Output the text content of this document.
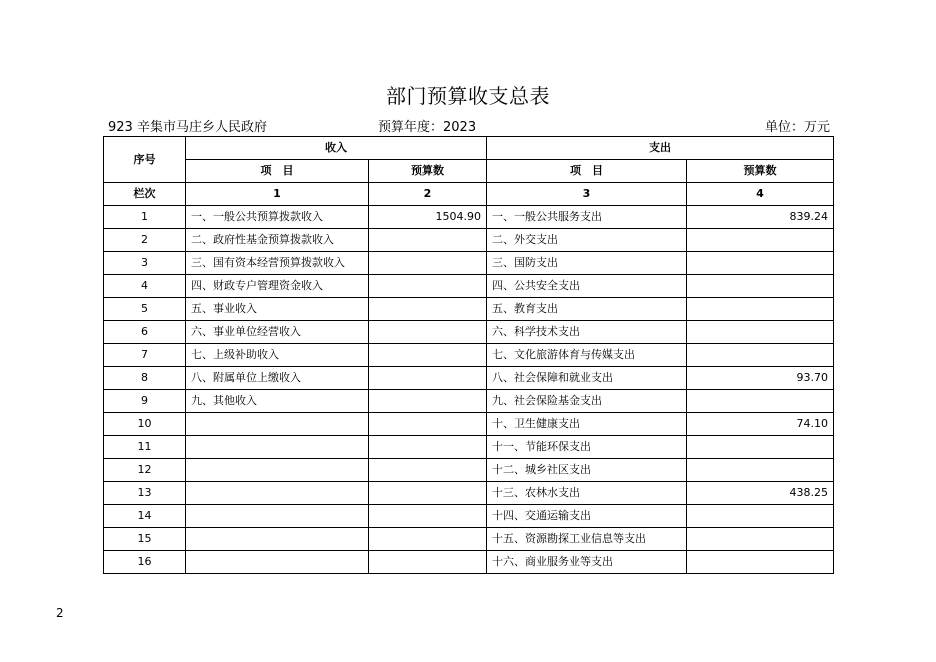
部门预算收支总表
923 辛集市马庄乡人民政府	预算年度：2023	单位：万元
序号	收入		支出	
	项　目	预算数	项　目	预算数
栏次	1	2	3	4
1	一、一般公共预算拨款收入	1504.90	一、一般公共服务支出	839.24
2	二、政府性基金预算拨款收入		二、外交支出	
3	三、国有资本经营预算拨款收入		三、国防支出	
4	四、财政专户管理资金收入		四、公共安全支出	
5	五、事业收入		五、教育支出	
6	六、事业单位经营收入		六、科学技术支出	
7	七、上级补助收入		七、文化旅游体育与传媒支出	
8	八、附属单位上缴收入		八、社会保障和就业支出	93.70
9	九、其他收入		九、社会保险基金支出	
10			十、卫生健康支出	74.10
11			十一、节能环保支出	
12			十二、城乡社区支出	
13			十三、农林水支出	438.25
14			十四、交通运输支出	
15			十五、资源勘探工业信息等支出	
16			十六、商业服务业等支出	
2
